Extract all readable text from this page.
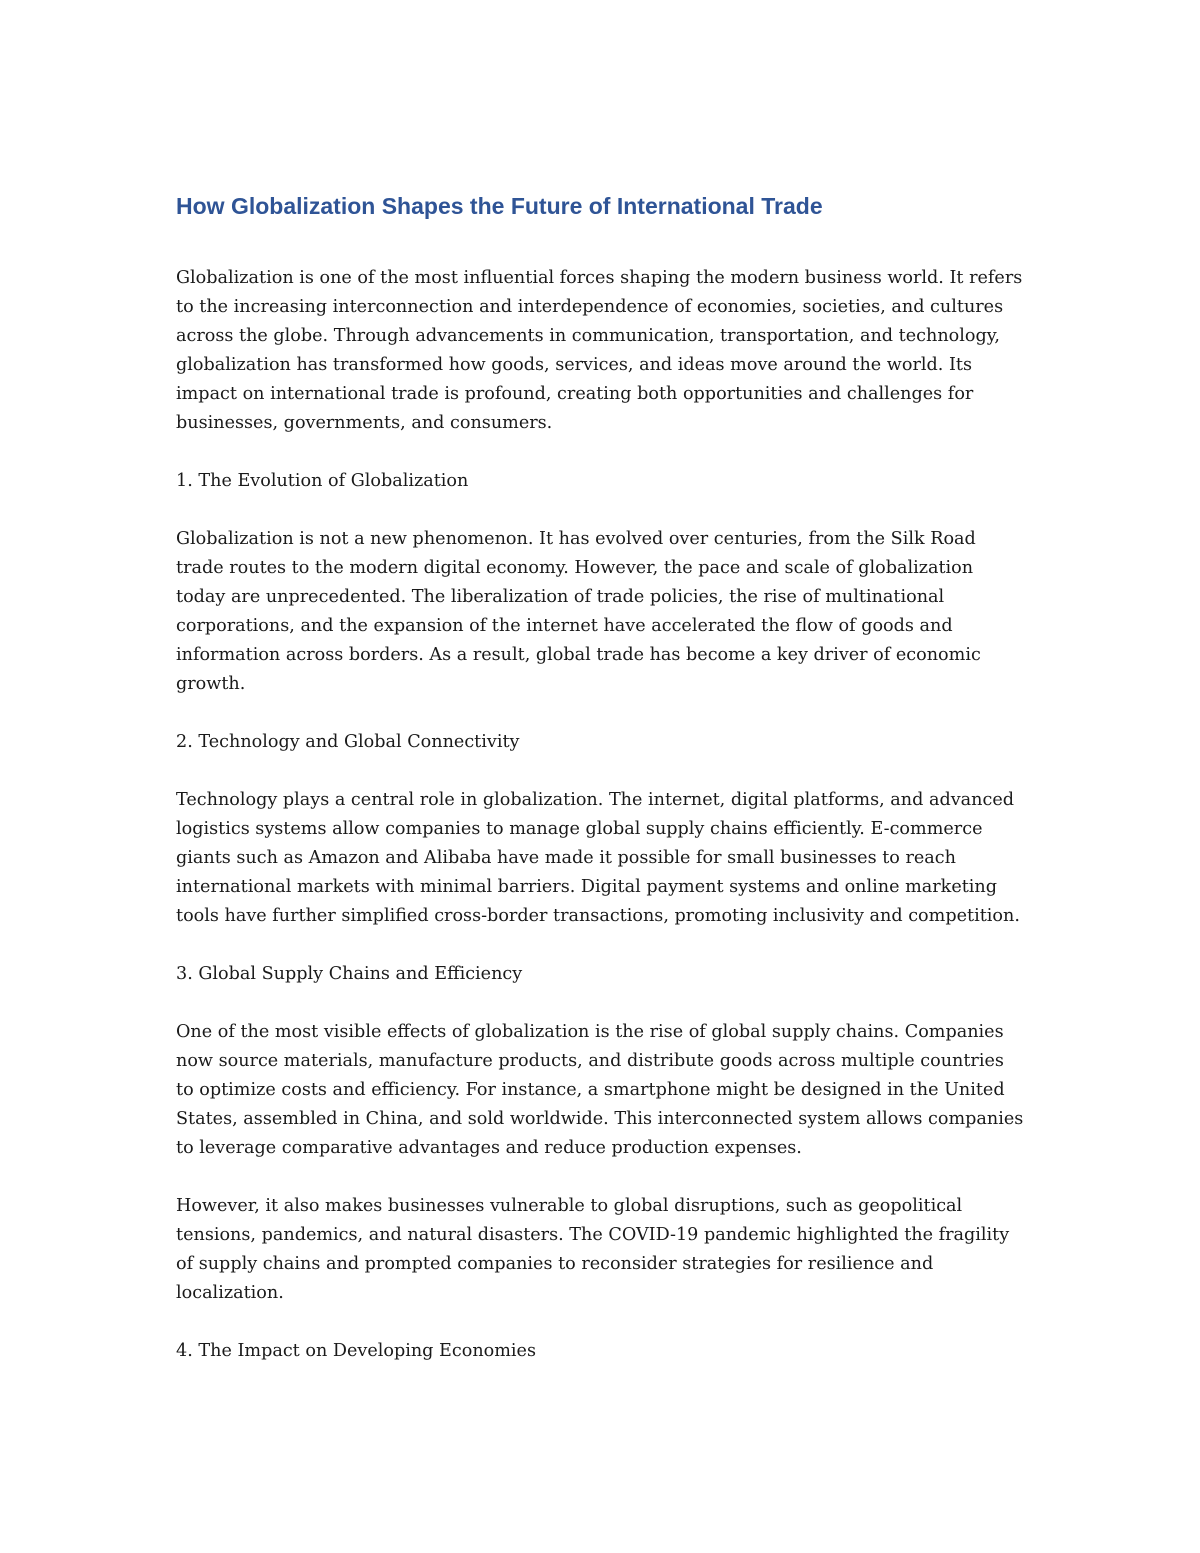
How Globalization Shapes the Future of International Trade

Globalization is one of the most influential forces shaping the modern business world. It refers to the increasing interconnection and interdependence of economies, societies, and cultures across the globe. Through advancements in communication, transportation, and technology, globalization has transformed how goods, services, and ideas move around the world. Its impact on international trade is profound, creating both opportunities and challenges for businesses, governments, and consumers.

1. The Evolution of Globalization

Globalization is not a new phenomenon. It has evolved over centuries, from the Silk Road trade routes to the modern digital economy. However, the pace and scale of globalization today are unprecedented. The liberalization of trade policies, the rise of multinational corporations, and the expansion of the internet have accelerated the flow of goods and information across borders. As a result, global trade has become a key driver of economic growth.

2. Technology and Global Connectivity

Technology plays a central role in globalization. The internet, digital platforms, and advanced logistics systems allow companies to manage global supply chains efficiently. E-commerce giants such as Amazon and Alibaba have made it possible for small businesses to reach international markets with minimal barriers. Digital payment systems and online marketing tools have further simplified cross-border transactions, promoting inclusivity and competition.

3. Global Supply Chains and Efficiency

One of the most visible effects of globalization is the rise of global supply chains. Companies now source materials, manufacture products, and distribute goods across multiple countries to optimize costs and efficiency. For instance, a smartphone might be designed in the United States, assembled in China, and sold worldwide. This interconnected system allows companies to leverage comparative advantages and reduce production expenses.

However, it also makes businesses vulnerable to global disruptions, such as geopolitical tensions, pandemics, and natural disasters. The COVID-19 pandemic highlighted the fragility of supply chains and prompted companies to reconsider strategies for resilience and localization.

4. The Impact on Developing Economies
